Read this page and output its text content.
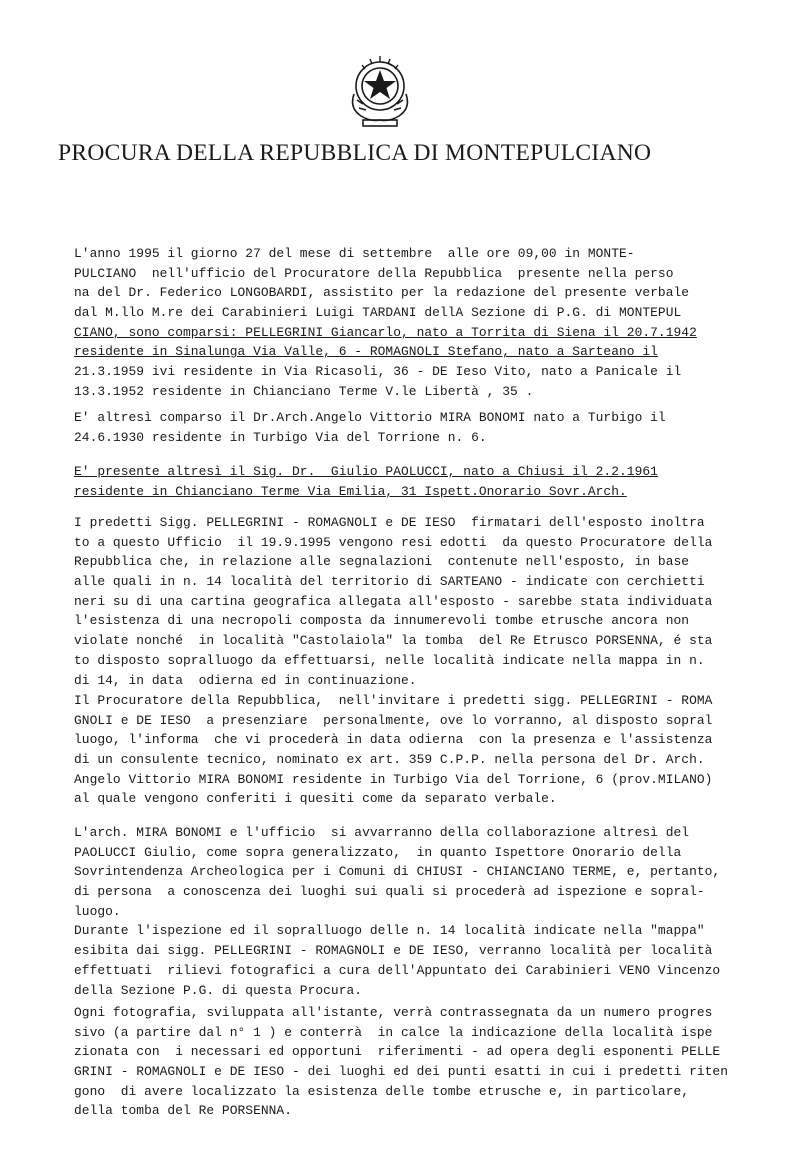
PROCURA DELLA REPUBBLICA DI MONTEPULCIANO
L'anno 1995 il giorno 27 del mese di settembre  alle ore 09,00 in MONTE-
PULCIANO  nell'ufficio del Procuratore della Repubblica  presente nella perso
na del Dr. Federico LONGOBARDI, assistito per la redazione del presente verbale
dal M.llo M.re dei Carabinieri Luigi TARDANI dellA Sezione di P.G. di MONTEPUL
CIANO, sono comparsi: PELLEGRINI Giancarlo, nato a Torrita di Siena il 20.7.1942
residente in Sinalunga Via Valle, 6 - ROMAGNOLI Stefano, nato a Sarteano il
21.3.1959 ivi residente in Via Ricasoli, 36 - DE Ieso Vito, nato a Panicale il
13.3.1952 residente in Chianciano Terme V.le Libertà , 35 .
E' altresì comparso il Dr.Arch.Angelo Vittorio MIRA BONOMI nato a Turbigo il
24.6.1930 residente in Turbigo Via del Torrione n. 6.
E' presente altresì il Sig. Dr.  Giulio PAOLUCCI, nato a Chiusi il 2.2.1961
residente in Chianciano Terme Via Emilia, 31 Ispett.Onorario Sovr.Arch.
I predetti Sigg. PELLEGRINI - ROMAGNOLI e DE IESO  firmatari dell'esposto inoltra
to a questo Ufficio  il 19.9.1995 vengono resi edotti  da questo Procuratore della
Repubblica che, in relazione alle segnalazioni  contenute nell'esposto, in base
alle quali in n. 14 località del territorio di SARTEANO - indicate con cerchietti
neri su di una cartina geografica allegata all'esposto - sarebbe stata individuata
l'esistenza di una necropoli composta da innumerevoli tombe etrusche ancora non
violate nonché  in località "Castolaiola" la tomba  del Re Etrusco PORSENNA, é sta
to disposto sopralluogo da effettuarsi, nelle località indicate nella mappa in n.
di 14, in data  odierna ed in continuazione.
Il Procuratore della Repubblica,  nell'invitare i predetti sigg. PELLEGRINI - ROMA
GNOLI e DE IESO  a presenziare  personalmente, ove lo vorranno, al disposto sopral
luogo, l'informa  che vi procederà in data odierna  con la presenza e l'assistenza
di un consulente tecnico, nominato ex art. 359 C.P.P. nella persona del Dr. Arch.
Angelo Vittorio MIRA BONOMI residente in Turbigo Via del Torrione, 6 (prov.MILANO)
al quale vengono conferiti i quesiti come da separato verbale.
L'arch. MIRA BONOMI e l'ufficio  si avvarranno della collaborazione altresì del
PAOLUCCI Giulio, come sopra generalizzato,  in quanto Ispettore Onorario della
Sovrintendenza Archeologica per i Comuni di CHIUSI - CHIANCIANO TERME, e, pertanto,
di persona  a conoscenza dei luoghi sui quali si procederà ad ispezione e sopral-
luogo.
Durante l'ispezione ed il sopralluogo delle n. 14 località indicate nella "mappa"
esibita dai sigg. PELLEGRINI - ROMAGNOLI e DE IESO, verranno località per località
effettuati  rilievi fotografici a cura dell'Appuntato dei Carabinieri VENO Vincenzo
della Sezione P.G. di questa Procura.
Ogni fotografia, sviluppata all'istante, verrà contrassegnata da un numero progres
sivo (a partire dal n° 1 ) e conterrà  in calce la indicazione della località ispe
zionata con  i necessari ed opportuni  riferimenti - ad opera degli esponenti PELLE
GRINI - ROMAGNOLI e DE IESO - dei luoghi ed dei punti esatti in cui i predetti riten
gono  di avere localizzato la esistenza delle tombe etrusche e, in particolare,
della tomba del Re PORSENNA.
